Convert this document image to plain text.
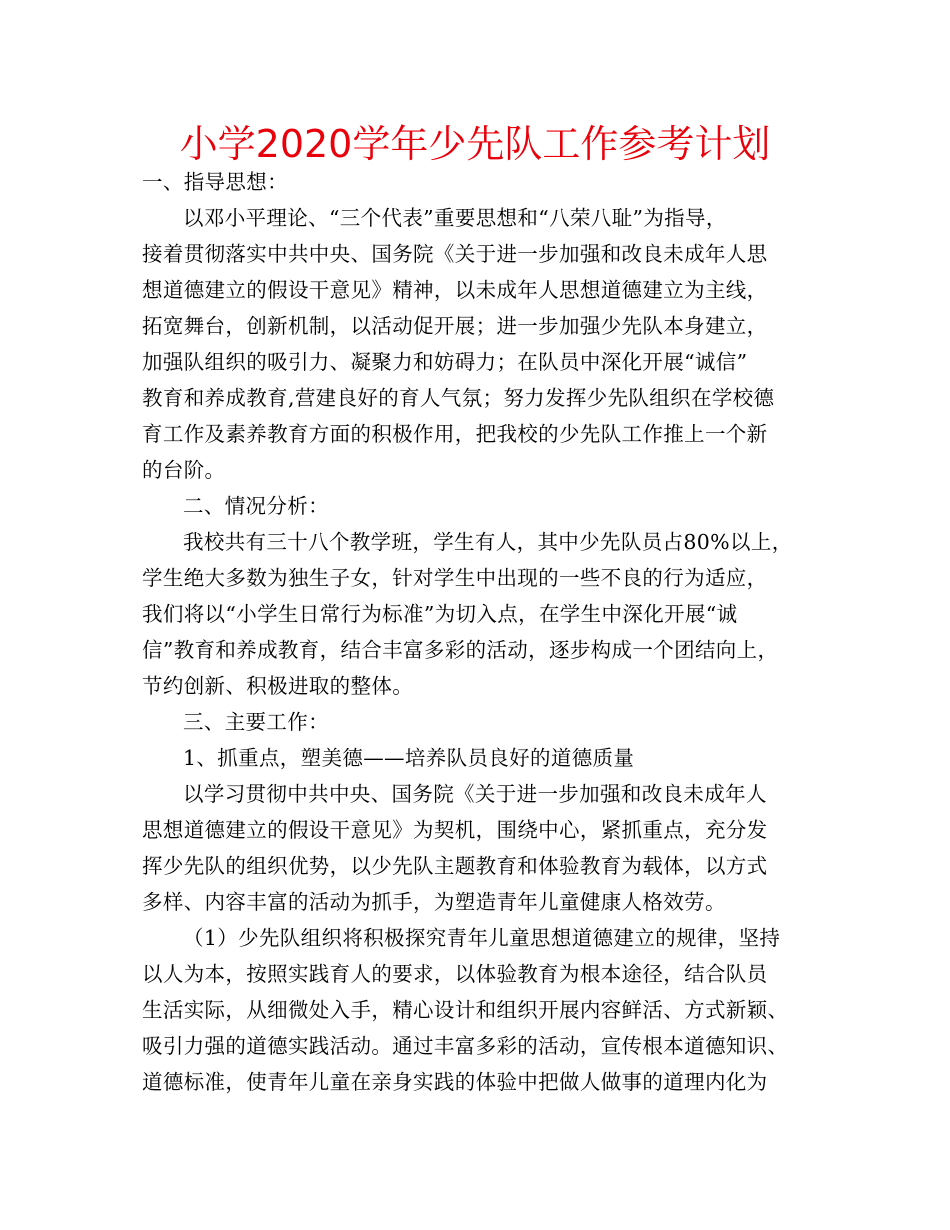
小学2020学年少先队工作参考计划

一、指导思想：

以邓小平理论、“三个代表”重要思想和“八荣八耻”为指导，
接着贯彻落实中共中央、国务院《关于进一步加强和改良未成年人思
想道德建立的假设干意见》精神，以未成年人思想道德建立为主线，
拓宽舞台，创新机制，以活动促开展；进一步加强少先队本身建立，
加强队组织的吸引力、凝聚力和妨碍力；在队员中深化开展“诚信”
教育和养成教育,营建良好的育人气氛；努力发挥少先队组织在学校德
育工作及素养教育方面的积极作用，把我校的少先队工作推上一个新
的台阶。

二、情况分析：

我校共有三十八个教学班，学生有人，其中少先队员占80%以上，
学生绝大多数为独生子女，针对学生中出现的一些不良的行为适应，
我们将以“小学生日常行为标准”为切入点，在学生中深化开展“诚
信”教育和养成教育，结合丰富多彩的活动，逐步构成一个团结向上，
节约创新、积极进取的整体。

三、主要工作：

1、抓重点，塑美德——培养队员良好的道德质量

以学习贯彻中共中央、国务院《关于进一步加强和改良未成年人
思想道德建立的假设干意见》为契机，围绕中心，紧抓重点，充分发
挥少先队的组织优势，以少先队主题教育和体验教育为载体，以方式
多样、内容丰富的活动为抓手，为塑造青年儿童健康人格效劳。

（1）少先队组织将积极探究青年儿童思想道德建立的规律，坚持
以人为本，按照实践育人的要求，以体验教育为根本途径，结合队员
生活实际，从细微处入手，精心设计和组织开展内容鲜活、方式新颖、
吸引力强的道德实践活动。通过丰富多彩的活动，宣传根本道德知识、
道德标准，使青年儿童在亲身实践的体验中把做人做事的道理内化为
